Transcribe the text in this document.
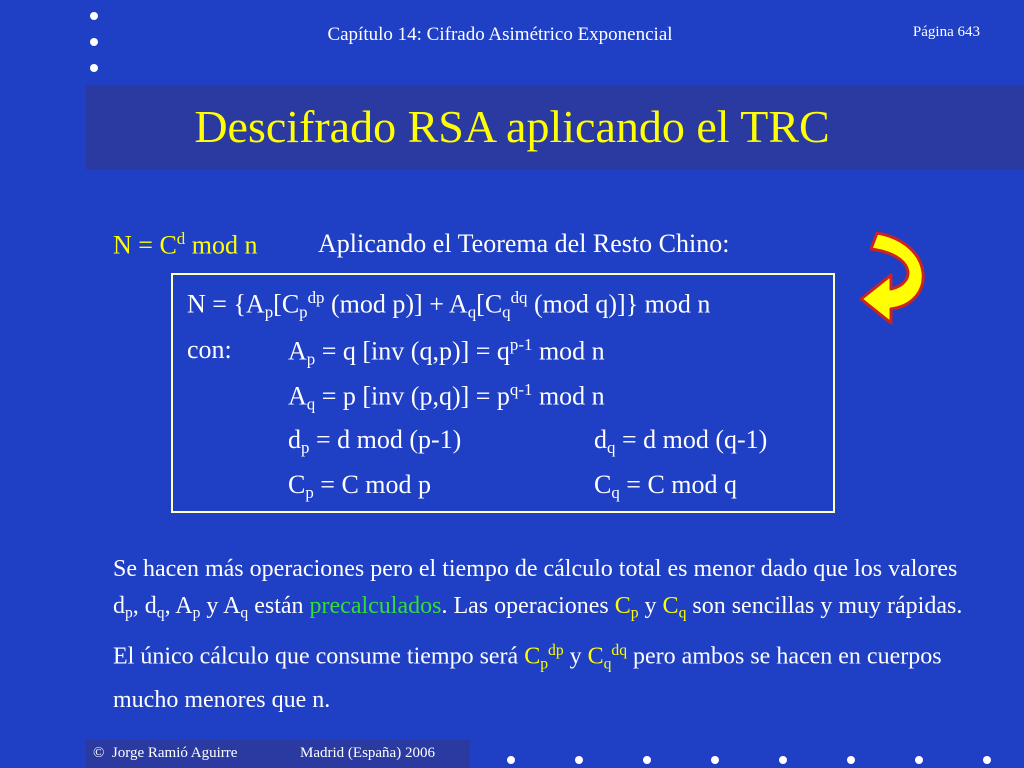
Capítulo 14: Cifrado Asimétrico Exponencial	Página 643
Descifrado RSA aplicando el TRC
$N = C^d$ mod n Aplicando el Teorema del Resto Chino:
$N = \{A_p[C_p^{dp}$ (mod $p)] + A_q[C_q^{dq}$ (mod q)]} mod n
con: $A_p = q$ [inv $(q,p)] = q^{p-1}$ mod n
$A_q = p$ [inv $(p,q)] = p^{q-1}$ mod n
$d_p = d$ mod (p-1)	$d_q = d$ mod (q-1)
$C_p = C$ mod p	$C_q = C$ mod q
Se hacen más operaciones pero el tiempo de cálculo total es menor dado que los valores $d_p$, $d_q$, $A_p$ y $A_q$ están precalculados. Las operaciones $C_p$ y $C_q$ son sencillas y muy rápidas. El único cálculo que consume tiempo será $C_p^{dp}$ y $C_q^{dq}$ pero ambos se hacen en cuerpos mucho menores que n.
© Jorge Ramió Aguirre	Madrid (España) 2006
